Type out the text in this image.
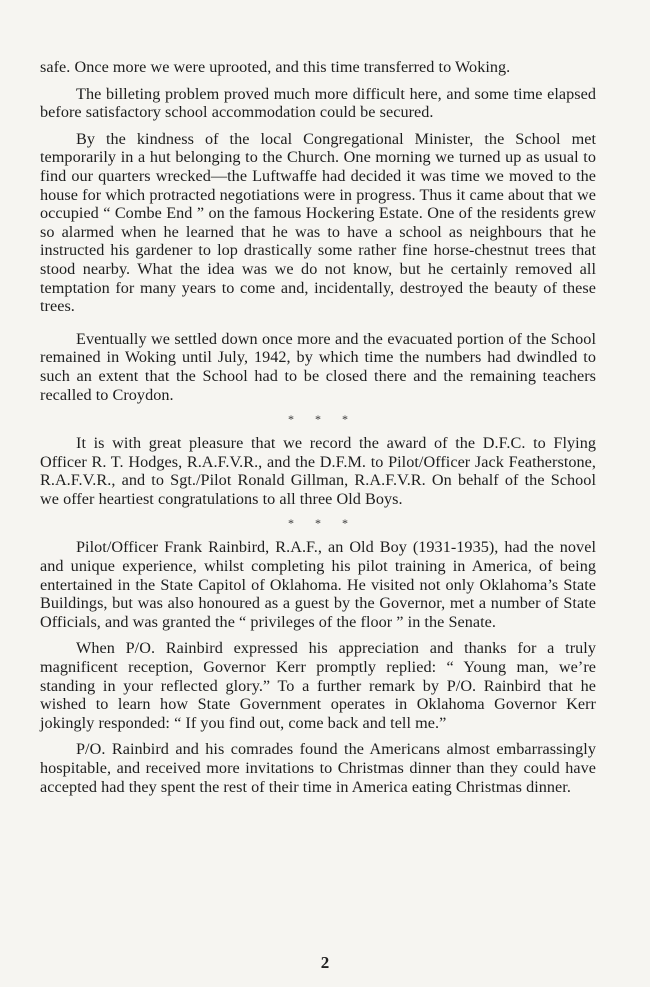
safe. Once more we were uprooted, and this time transferred to Woking.

The billeting problem proved much more difficult here, and some time elapsed before satisfactory school accommodation could be secured.

By the kindness of the local Congregational Minister, the School met temporarily in a hut belonging to the Church. One morning we turned up as usual to find our quarters wrecked—the Luftwaffe had decided it was time we moved to the house for which protracted negotiations were in progress. Thus it came about that we occupied “ Combe End ” on the famous Hockering Estate. One of the residents grew so alarmed when he learned that he was to have a school as neighbours that he instructed his gardener to lop drastically some rather fine horse-chestnut trees that stood nearby. What the idea was we do not know, but he certainly removed all temptation for many years to come and, incidentally, destroyed the beauty of these trees.

Eventually we settled down once more and the evacuated portion of the School remained in Woking until July, 1942, by which time the numbers had dwindled to such an extent that the School had to be closed there and the remaining teachers recalled to Croydon.

* * *

It is with great pleasure that we record the award of the D.F.C. to Flying Officer R. T. Hodges, R.A.F.V.R., and the D.F.M. to Pilot/Officer Jack Featherstone, R.A.F.V.R., and to Sgt./Pilot Ronald Gillman, R.A.F.V.R. On behalf of the School we offer heartiest congratulations to all three Old Boys.

* * *

Pilot/Officer Frank Rainbird, R.A.F., an Old Boy (1931-1935), had the novel and unique experience, whilst completing his pilot training in America, of being entertained in the State Capitol of Oklahoma. He visited not only Oklahoma’s State Buildings, but was also honoured as a guest by the Governor, met a number of State Officials, and was granted the “ privileges of the floor ” in the Senate.

When P/O. Rainbird expressed his appreciation and thanks for a truly magnificent reception, Governor Kerr promptly replied: “ Young man, we’re standing in your reflected glory.” To a further remark by P/O. Rainbird that he wished to learn how State Government operates in Oklahoma Governor Kerr jokingly responded: “ If you find out, come back and tell me.”

P/O. Rainbird and his comrades found the Americans almost embarrassingly hospitable, and received more invitations to Christmas dinner than they could have accepted had they spent the rest of their time in America eating Christmas dinner.

2
